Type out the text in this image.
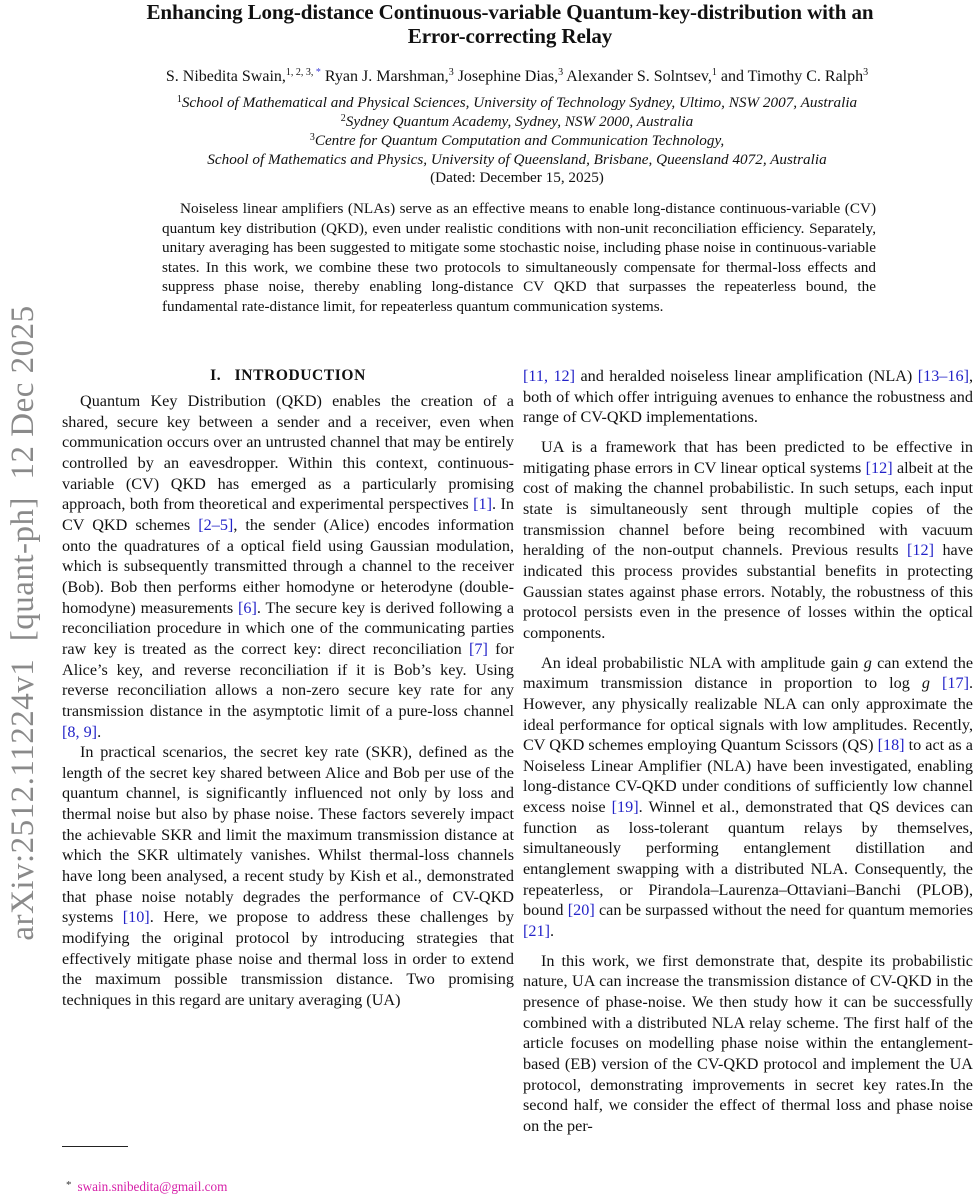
arXiv:2512.11224v1  [quant-ph]  12 Dec 2025
Enhancing Long-distance Continuous-variable Quantum-key-distribution with an
Error-correcting Relay
S. Nibedita Swain,$^{1, 2, 3, *}$ Ryan J. Marshman,$^3$ Josephine Dias,$^3$ Alexander S. Solntsev,$^1$ and Timothy C. Ralph$^3$
$^1$School of Mathematical and Physical Sciences, University of Technology Sydney, Ultimo, NSW 2007, Australia
$^2$Sydney Quantum Academy, Sydney, NSW 2000, Australia
$^3$Centre for Quantum Computation and Communication Technology,
School of Mathematics and Physics, University of Queensland, Brisbane, Queensland 4072, Australia
(Dated: December 15, 2025)
Noiseless linear amplifiers (NLAs) serve as an effective means to enable long-distance continuous-variable (CV) quantum key distribution (QKD), even under realistic conditions with non-unit reconciliation efficiency. Separately, unitary averaging has been suggested to mitigate some stochastic noise, including phase noise in continuous-variable states. In this work, we combine these two protocols to simultaneously compensate for thermal-loss effects and suppress phase noise, thereby enabling long-distance CV QKD that surpasses the repeaterless bound, the fundamental rate-distance limit, for repeaterless quantum communication systems.
I. INTRODUCTION

Quantum Key Distribution (QKD) enables the creation of a shared, secure key between a sender and a receiver, even when communication occurs over an untrusted channel that may be entirely controlled by an eavesdropper. Within this context, continuous-variable (CV) QKD has emerged as a particularly promising approach, both from theoretical and experimental perspectives [1]. In CV QKD schemes [2–5], the sender (Alice) encodes information onto the quadratures of a optical field using Gaussian modulation, which is subsequently transmitted through a channel to the receiver (Bob). Bob then performs either homodyne or heterodyne (double-homodyne) measurements [6]. The secure key is derived following a reconciliation procedure in which one of the communicating parties raw key is treated as the correct key: direct reconciliation [7] for Alice’s key, and reverse reconciliation if it is Bob’s key. Using reverse reconciliation allows a non-zero secure key rate for any transmission distance in the asymptotic limit of a pure-loss channel [8, 9].

In practical scenarios, the secret key rate (SKR), defined as the length of the secret key shared between Alice and Bob per use of the quantum channel, is significantly influenced not only by loss and thermal noise but also by phase noise. These factors severely impact the achievable SKR and limit the maximum transmission distance at which the SKR ultimately vanishes. Whilst thermal-loss channels have long been analysed, a recent study by Kish et al., demonstrated that phase noise notably degrades the performance of CV-QKD systems [10]. Here, we propose to address these challenges by modifying the original protocol by introducing strategies that effectively mitigate phase noise and thermal loss in order to extend the maximum possible transmission distance. Two promising techniques in this regard are unitary averaging (UA)

* swain.snibedita@gmail.com

[11, 12] and heralded noiseless linear amplification (NLA) [13–16], both of which offer intriguing avenues to enhance the robustness and range of CV-QKD implementations.

UA is a framework that has been predicted to be effective in mitigating phase errors in CV linear optical systems [12] albeit at the cost of making the channel probabilistic. In such setups, each input state is simultaneously sent through multiple copies of the transmission channel before being recombined with vacuum heralding of the non-output channels. Previous results [12] have indicated this process provides substantial benefits in protecting Gaussian states against phase errors. Notably, the robustness of this protocol persists even in the presence of losses within the optical components.

An ideal probabilistic NLA with amplitude gain g can extend the maximum transmission distance in proportion to log g [17]. However, any physically realizable NLA can only approximate the ideal performance for optical signals with low amplitudes. Recently, CV QKD schemes employing Quantum Scissors (QS) [18] to act as a Noiseless Linear Amplifier (NLA) have been investigated, enabling long-distance CV-QKD under conditions of sufficiently low channel excess noise [19]. Winnel et al., demonstrated that QS devices can function as loss-tolerant quantum relays by themselves, simultaneously performing entanglement distillation and entanglement swapping with a distributed NLA. Consequently, the repeaterless, or Pirandola–Laurenza–Ottaviani–Banchi (PLOB), bound [20] can be surpassed without the need for quantum memories [21].

In this work, we first demonstrate that, despite its probabilistic nature, UA can increase the transmission distance of CV-QKD in the presence of phase-noise. We then study how it can be successfully combined with a distributed NLA relay scheme. The first half of the article focuses on modelling phase noise within the entanglement-based (EB) version of the CV-QKD protocol and implement the UA protocol, demonstrating improvements in secret key rates.In the second half, we consider the effect of thermal loss and phase noise on the per-
